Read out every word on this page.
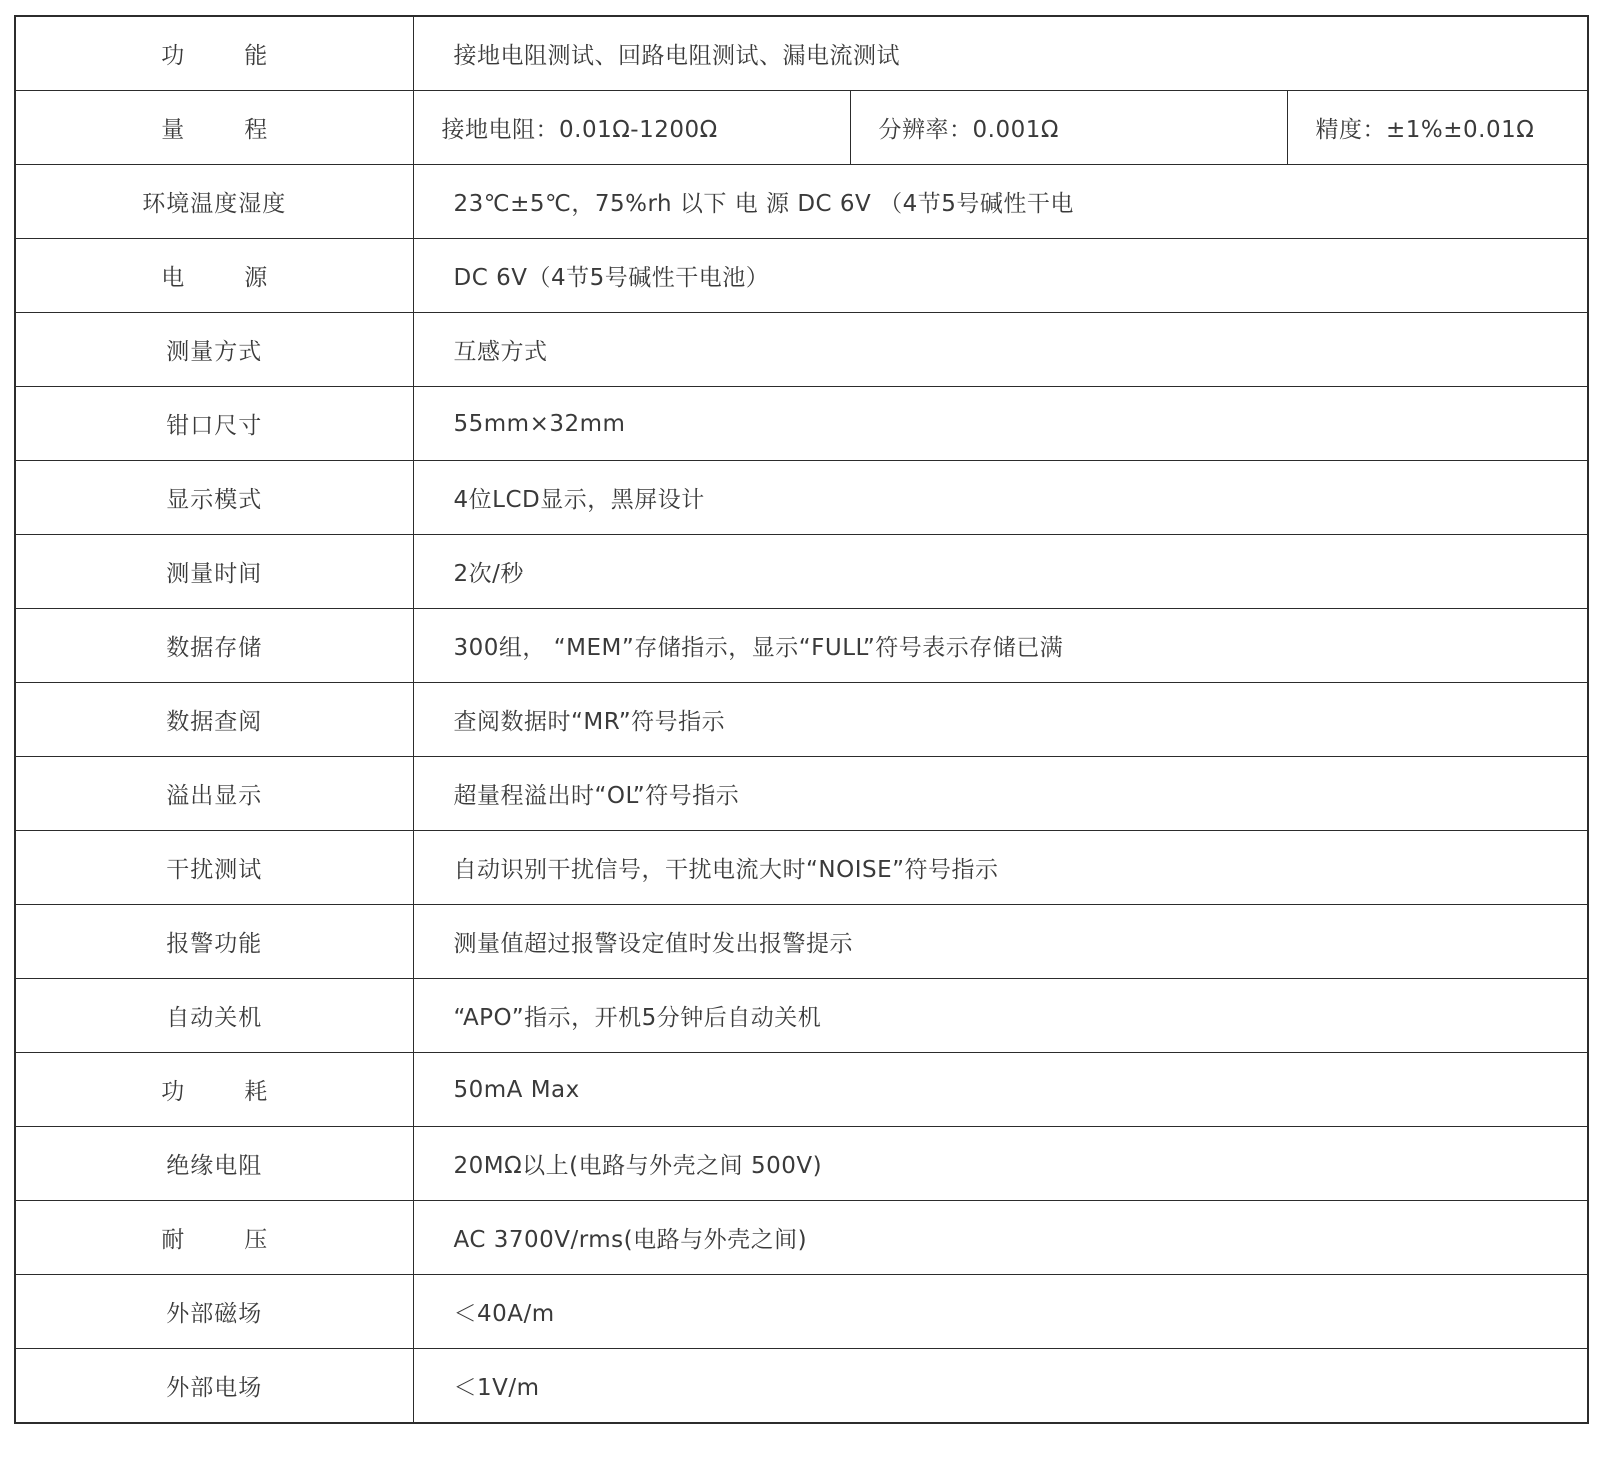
功能	接地电阻测试、回路电阻测试、漏电流测试		
量程	接地电阻：0.01Ω-1200Ω	分辨率：0.001Ω	精度：±1%±0.01Ω
环境温度湿度	23℃±5℃，75%rh 以下 电 源 DC 6V （4节5号碱性干电		
电源	DC 6V（4节5号碱性干电池）		
测量方式	互感方式		
钳口尺寸	55mm×32mm		
显示模式	4位LCD显示，黑屏设计		
测量时间	2次/秒		
数据存储	300组， “MEM”存储指示，显示“FULL”符号表示存储已满		
数据查阅	查阅数据时“MR”符号指示		
溢出显示	超量程溢出时“OL”符号指示		
干扰测试	自动识别干扰信号，干扰电流大时“NOISE”符号指示		
报警功能	测量值超过报警设定值时发出报警提示		
自动关机	“APO”指示，开机5分钟后自动关机		
功耗	50mA Max		
绝缘电阻	20MΩ以上(电路与外壳之间 500V)		
耐压	AC 3700V/rms(电路与外壳之间)		
外部磁场	＜40A/m		
外部电场	＜1V/m		
